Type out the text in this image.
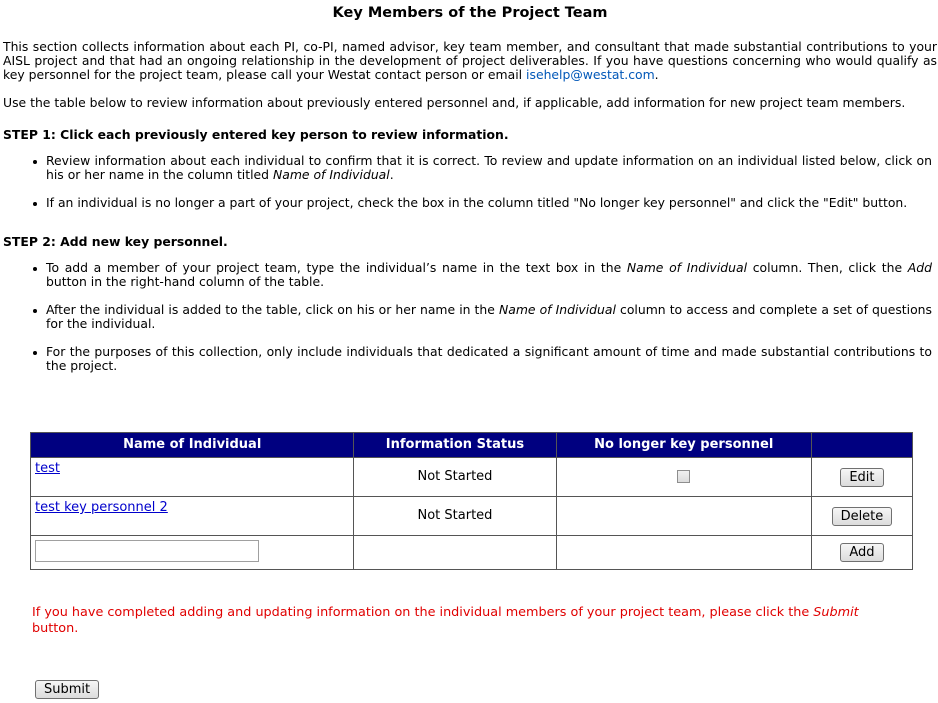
Key Members of the Project Team
This section collects information about each PI, co-PI, named advisor, key team member, and consultant that made substantial contributions to your AISL project and that had an ongoing relationship in the development of project deliverables. If you have questions concerning who would qualify as key personnel for the project team, please call your Westat contact person or email isehelp@westat.com.
Use the table below to review information about previously entered personnel and, if applicable, add information for new project team members.
STEP 1: Click each previously entered key person to review information.
Review information about each individual to confirm that it is correct. To review and update information on an individual listed below, click on his or her name in the column titled Name of Individual.
If an individual is no longer a part of your project, check the box in the column titled "No longer key personnel" and click the "Edit" button.
STEP 2: Add new key personnel.
To add a member of your project team, type the individual’s name in the text box in the Name of Individual column. Then, click the Add button in the right-hand column of the table.
After the individual is added to the table, click on his or her name in the Name of Individual column to access and complete a set of questions for the individual.
For the purposes of this collection, only include individuals that dedicated a significant amount of time and made substantial contributions to the project.
Name of Individual	Information Status	No longer key personnel	

test	Not Started		Edit

test key personnel 2	Not Started		Delete
			Add
If you have completed adding and updating information on the individual members of your project team, please click the Submit button.
Submit
